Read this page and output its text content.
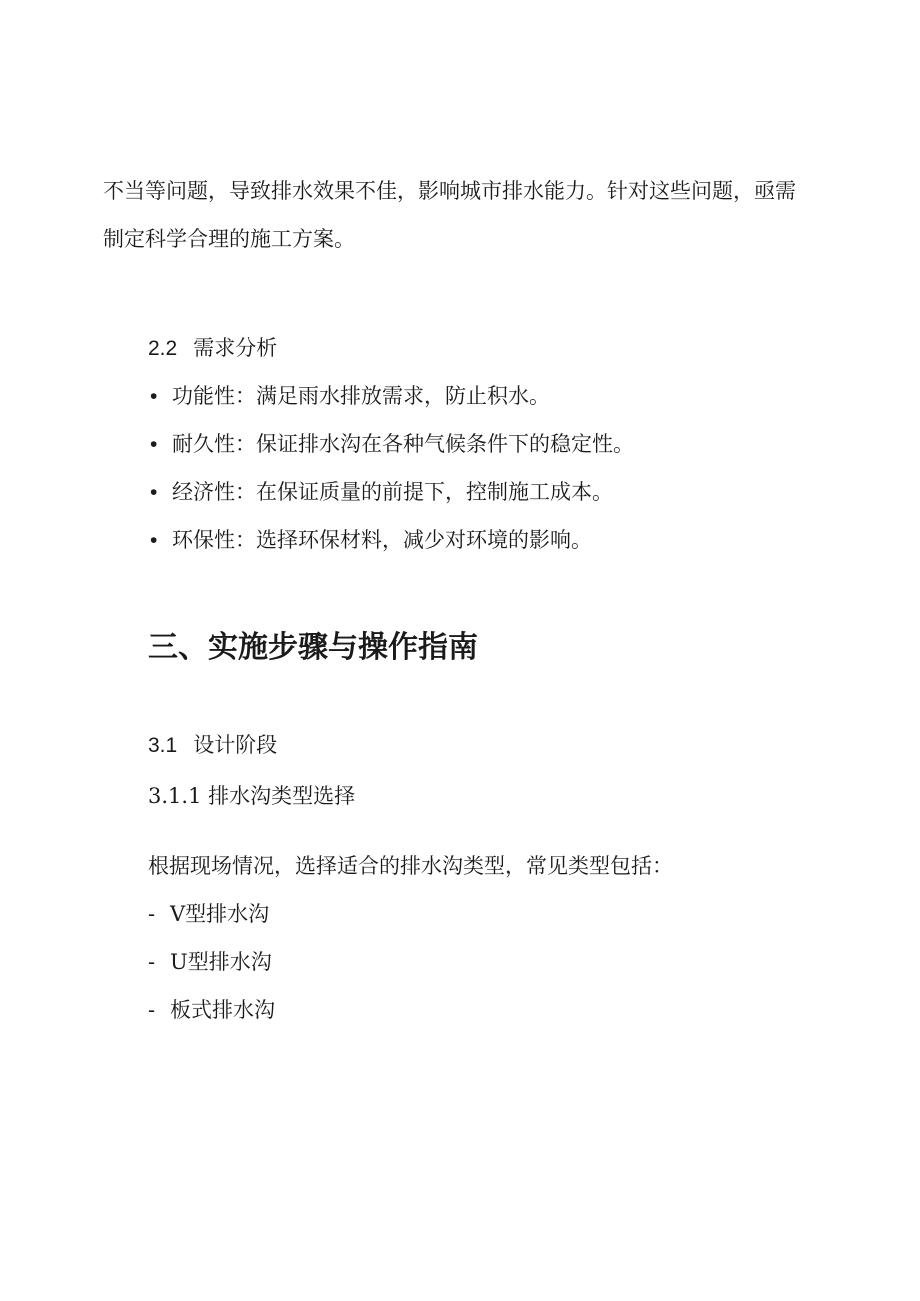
不当等问题，导致排水效果不佳，影响城市排水能力。针对这些问题，亟需
制定科学合理的施工方案。
2.2 需求分析
• 功能性：满足雨水排放需求，防止积水。
• 耐久性：保证排水沟在各种气候条件下的稳定性。
• 经济性：在保证质量的前提下，控制施工成本。
• 环保性：选择环保材料，减少对环境的影响。
三、实施步骤与操作指南
3.1 设计阶段
3.1.1 排水沟类型选择
根据现场情况，选择适合的排水沟类型，常见类型包括：
- V型排水沟
- U型排水沟
- 板式排水沟
